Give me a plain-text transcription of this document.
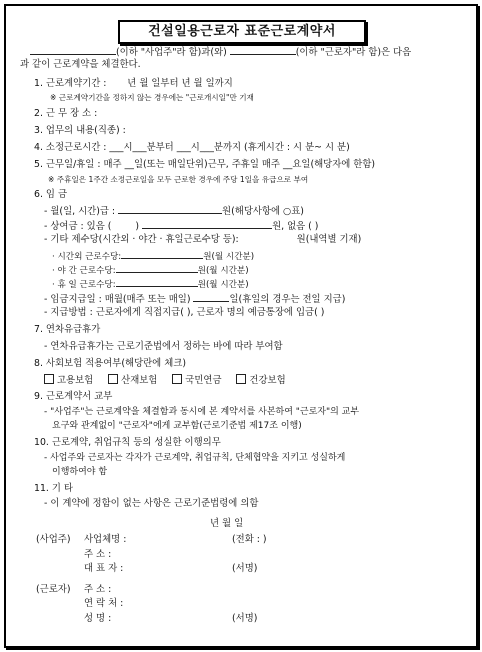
건설일용근로자 표준근로계약서
(이하 "사업주"라 함)과(와)	(이하 "근로자"라 함)은 다음
과 같이 근로계약을 체결한다.
1. 근로계약기간 : 년 월 일부터 년 월 일까지
※ 근로계약기간을 정하지 않는 경우에는 "근로개시일"만 기재
2. 근 무 장 소 :
3. 업무의 내용(직종) :
4. 소정근로시간 : ___시___분부터 ___시___분까지 (휴게시간 : 시 분~ 시 분)
5. 근무일/휴일 : 매주 __일(또는 매일단위)근무, 주휴일 매주 __요일(해당자에 한함)
※ 주휴일은 1주간 소정근로일을 모두 근로한 경우에 주당 1일을 유급으로 부여
6. 임 금
- 월(일, 시간)급 :	원(해당사항에 ○표)
- 상여금 : 있음 (	)	원, 없음 ( )
- 기타 제수당(시간외 · 야간 · 휴일근로수당 등):	원(내역별 기재)
· 시간외 근로수당:	원(월 시간분)
· 야 간 근로수당:	원(월 시간분)
· 휴 일 근로수당:	원(월 시간분)
- 임금지급일 : 매월(매주 또는 매일)	일(휴일의 경우는 전일 지급)
- 지급방법 : 근로자에게 직접지급( ), 근로자 명의 예금통장에 입금( )
7. 연차유급휴가
- 연차유급휴가는 근로기준법에서 정하는 바에 따라 부여함
8. 사회보험 적용여부(해당란에 체크)
고용보험	산재보험	국민연금	건강보험
9. 근로계약서 교부
- "사업주"는 근로계약을 체결함과 동시에 본 계약서를 사본하여 "근로자"의 교부
요구와 관계없이 "근로자"에게 교부함(근로기준법 제17조 이행)
10. 근로계약, 취업규칙 등의 성실한 이행의무
- 사업주와 근로자는 각자가 근로계약, 취업규칙, 단체협약을 지키고 성실하게
이행하여야 함
11. 기 타
- 이 계약에 정함이 없는 사항은 근로기준법령에 의함
년 월 일
(사업주) 사업체명 :	(전화 : )
주 소 :
대 표 자 :	(서명)
(근로자) 주 소 :
연 락 처 :
성 명 :	(서명)
